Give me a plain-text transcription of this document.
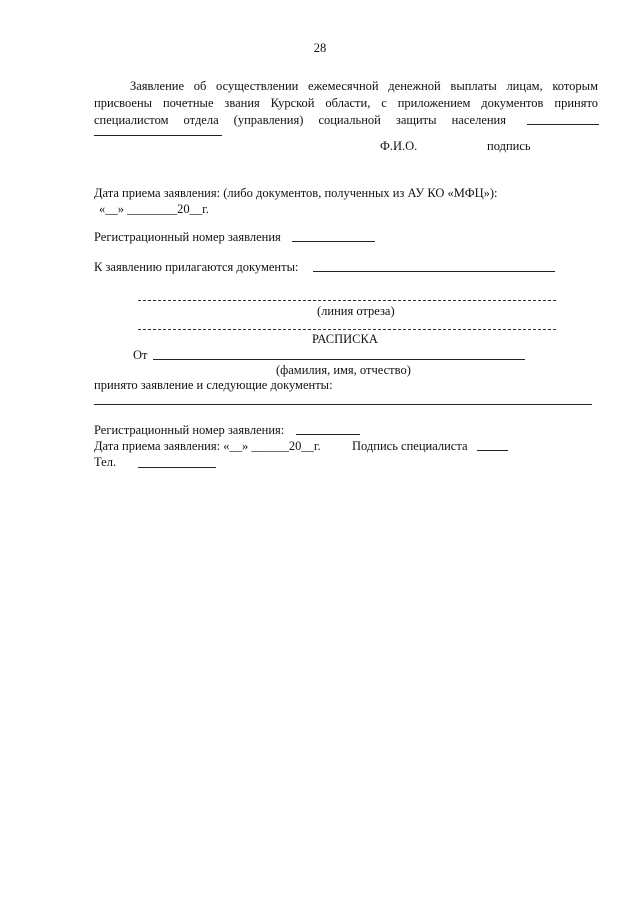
28
Заявление об осуществлении ежемесячной денежной выплаты лицам, которым
присвоены почетные звания Курской области, с приложением документов принято
специалистом отдела (управления) социальной защиты населения
Ф.И.О.	подпись
Дата приема заявления: (либо документов, полученных из АУ КО «МФЦ»):
«__» ________20__г.
Регистрационный номер заявления
К заявлению прилагаются документы:
(линия отреза)
РАСПИСКА
От
(фамилия, имя, отчество)
принято заявление и следующие документы:
Регистрационный номер заявления:
Дата приема заявления: «__» ______20__г.	Подпись специалиста
Тел.
